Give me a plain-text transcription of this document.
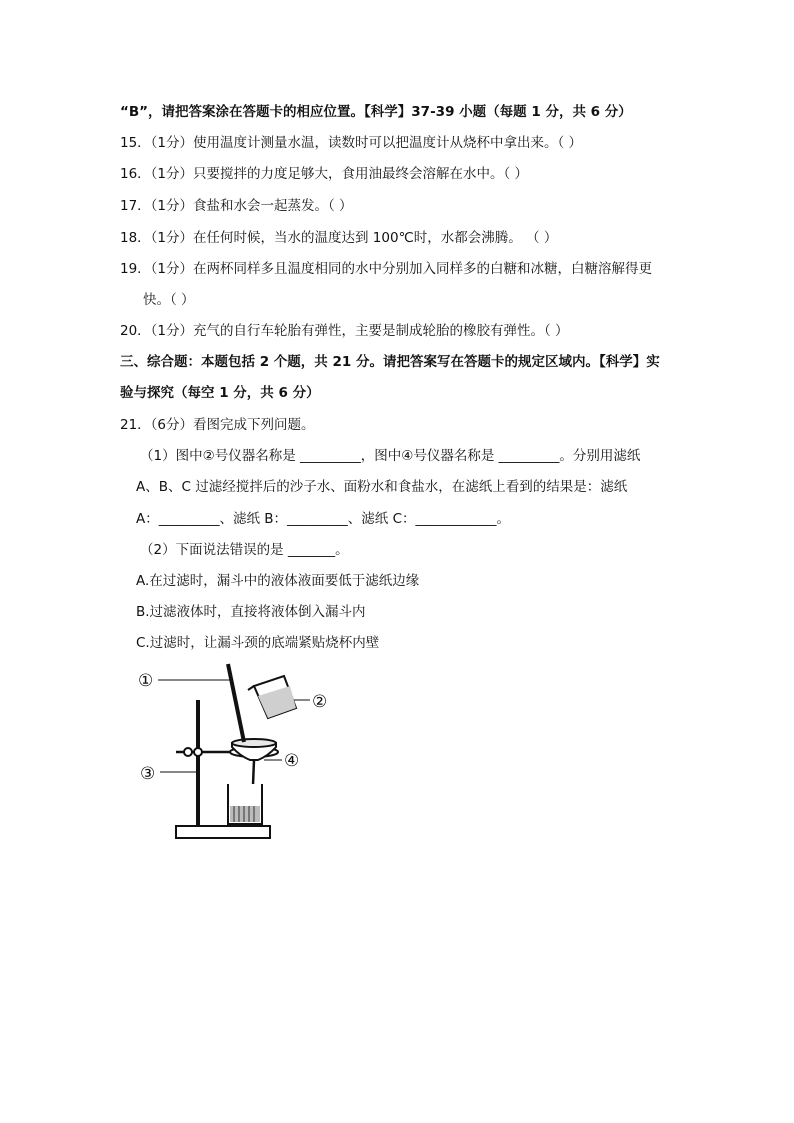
“B”，请把答案涂在答题卡的相应位置。【科学】37-39 小题（每题 1 分，共 6 分）
15．（1分）使用温度计测量水温，读数时可以把温度计从烧杯中拿出来。（ ）
16．（1分）只要搅拌的力度足够大，食用油最终会溶解在水中。（ ）
17．（1分）食盐和水会一起蒸发。（ ）
18．（1分）在任何时候，当水的温度达到 100℃时，水都会沸腾。 （ ）
19．（1分）在两杯同样多且温度相同的水中分别加入同样多的白糖和冰糖，白糖溶解得更
快。（ ）
20．（1分）充气的自行车轮胎有弹性，主要是制成轮胎的橡胶有弹性。（ ）
三、综合题：本题包括 2 个题，共 21 分。请把答案写在答题卡的规定区域内。【科学】实
验与探究（每空 1 分，共 6 分）
21．（6分）看图完成下列问题。
（1）图中②号仪器名称是 _________，图中④号仪器名称是 _________。分别用滤纸
A、B、C 过滤经搅拌后的沙子水、面粉水和食盐水，在滤纸上看到的结果是：滤纸
A：_________、滤纸 B：_________、滤纸 C：____________。
（2）下面说法错误的是 _______。
A.在过滤时，漏斗中的液体液面要低于滤纸边缘
B.过滤液体时，直接将液体倒入漏斗内
C.过滤时，让漏斗颈的底端紧贴烧杯内壁
①
②
③
④
